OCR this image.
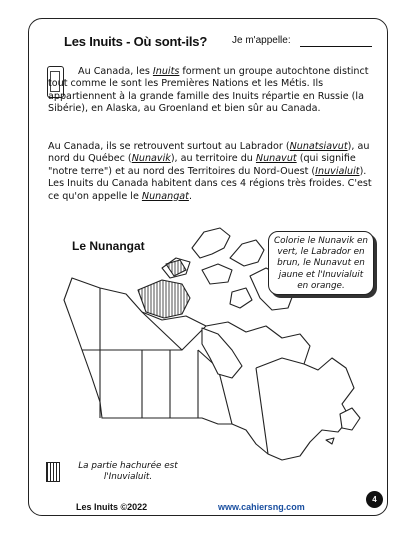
Les Inuits - Où sont-ils? Je m'appelle:
Au Canada, les Inuits forment un groupe autochtone distinct tout comme le sont les Premières Nations et les Métis. Ils appartiennent à la grande famille des Inuits répartie en Russie (la Sibérie), en Alaska, au Groenland et bien sûr au Canada.
Au Canada, ils se retrouvent surtout au Labrador (Nunatsiavut), au nord du Québec (Nunavik), au territoire du Nunavut (qui signifie "notre terre") et au nord des Territoires du Nord-Ouest (Inuvialuit). Les Inuits du Canada habitent dans ces 4 régions très froides. C'est ce qu'on appelle le Nunangat.
Le Nunangat	Colorie le Nunavik en vert, le Labrador en brun, le Nunavut en jaune et l'Inuvialuit en orange.
La partie hachurée est l'Inuvialuit.
Les Inuits ©2022	www.cahiersng.com
4
